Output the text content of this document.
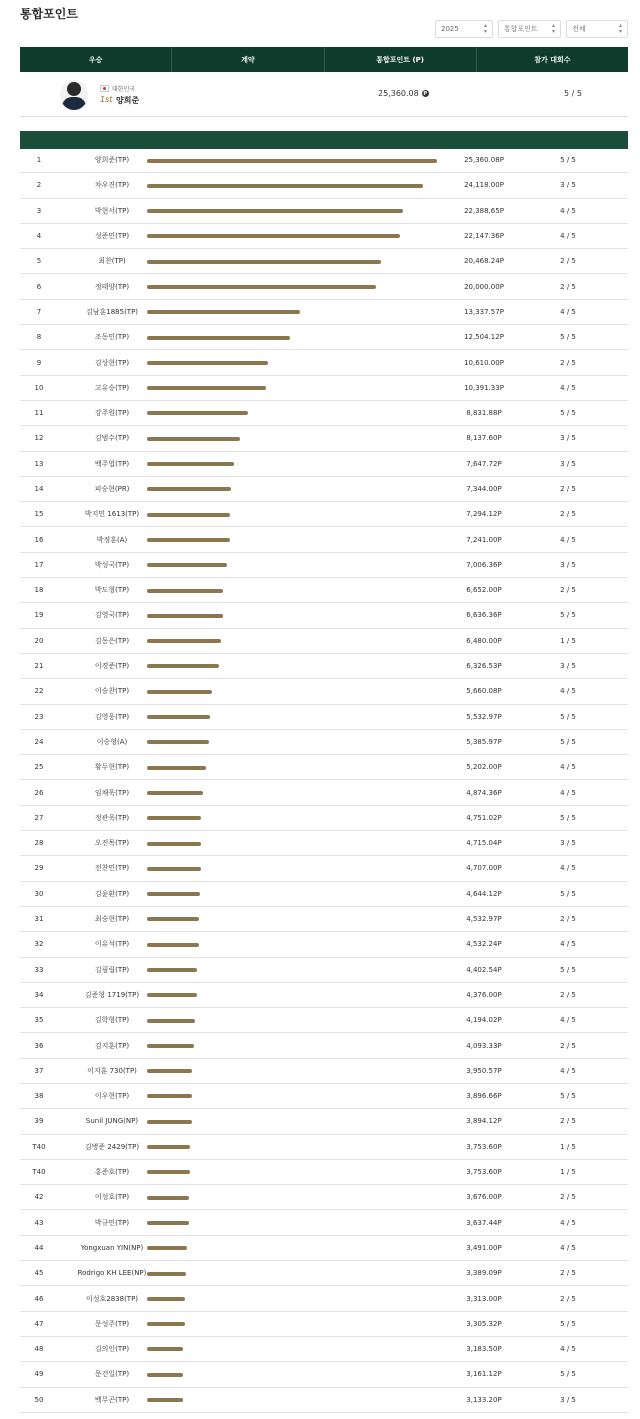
통합포인트
2025	▴
▾ 통합포인트 ▴
▾ 전체	▴
▾
우승	계약	통합포인트 (P)	참가 대회수
대한민국
1st 양희준
25,360.08 P	5 / 5
1	양희준(TP)	25,360.08P	5 / 5
2	차우진(TP)	24,118.00P	3 / 5
3	박현서(TP)	22,388.65P	4 / 5
4	성준민(TP)	22,147.36P	4 / 5
5	최찬(TP)	20,468.24P	2 / 5
6	정태양(TP)	20,000.00P	2 / 5
7	김남훈1885(TP)	13,337.57P	4 / 5
8	조동민(TP)	12,504.12P	5 / 5
9	김상현(TP)	10,610.00P	2 / 5
10	고유승(TP)	10,391.33P	4 / 5
11	강주원(TP)	8,831.88P	5 / 5
12	김범수(TP)	8,137.60P	3 / 5
13	백주엽(TP)	7,647.72P	3 / 5
14	피승현(PR)	7,344.00P	2 / 5
15	박지민 1613(TP)	7,294.12P	2 / 5
16	박정훈(A)	7,241.00P	4 / 5
17	박성국(TP)	7,006.36P	3 / 5
18	박도형(TP)	6,652.00P	2 / 5
19	김영국(TP)	6,636.36P	5 / 5
20	김동은(TP)	6,480.00P	1 / 5
21	이경준(TP)	6,326.53P	3 / 5
22	이승찬(TP)	5,660.08P	4 / 5
23	김영웅(TP)	5,532.97P	5 / 5
24	이승형(A)	5,385.97P	5 / 5
25	황두현(TP)	5,202.00P	4 / 5
26	임채욱(TP)	4,874.36P	4 / 5
27	정관욱(TP)	4,751.02P	5 / 5
28	오진목(TP)	4,715.04P	3 / 5
29	전찬민(TP)	4,707.00P	4 / 5
30	김윤환(TP)	4,644.12P	5 / 5
31	최승현(TP)	4,532.97P	2 / 5
32	이유석(TP)	4,532.24P	4 / 5
33	김필립(TP)	4,402.54P	5 / 5
34	김준형 1719(TP)	4,376.00P	2 / 5
35	김학형(TP)	4,194.02P	4 / 5
36	김지훈(TP)	4,093.33P	2 / 5
37	이지훈 730(TP)	3,950.57P	4 / 5
38	이우현(TP)	3,896.66P	5 / 5
39	Sunil JUNG(NP)	3,894.12P	2 / 5
T40	김병준 2429(TP)	3,753.60P	1 / 5
T40	홍준호(TP)	3,753.60P	1 / 5
42	이성호(TP)	3,676.00P	2 / 5
43	박규민(TP)	3,637.44P	4 / 5
44	Yongxuan YIN(NP)	3,491.00P	4 / 5
45	Rodrigo KH LEE(NP)	3,389.09P	2 / 5
46	이성호2838(TP)	3,313.00P	2 / 5
47	문성주(TP)	3,305.32P	5 / 5
48	김의인(TP)	3,183.50P	4 / 5
49	문건일(TP)	3,161.12P	5 / 5
50	백무곤(TP)	3,133.20P	3 / 5
